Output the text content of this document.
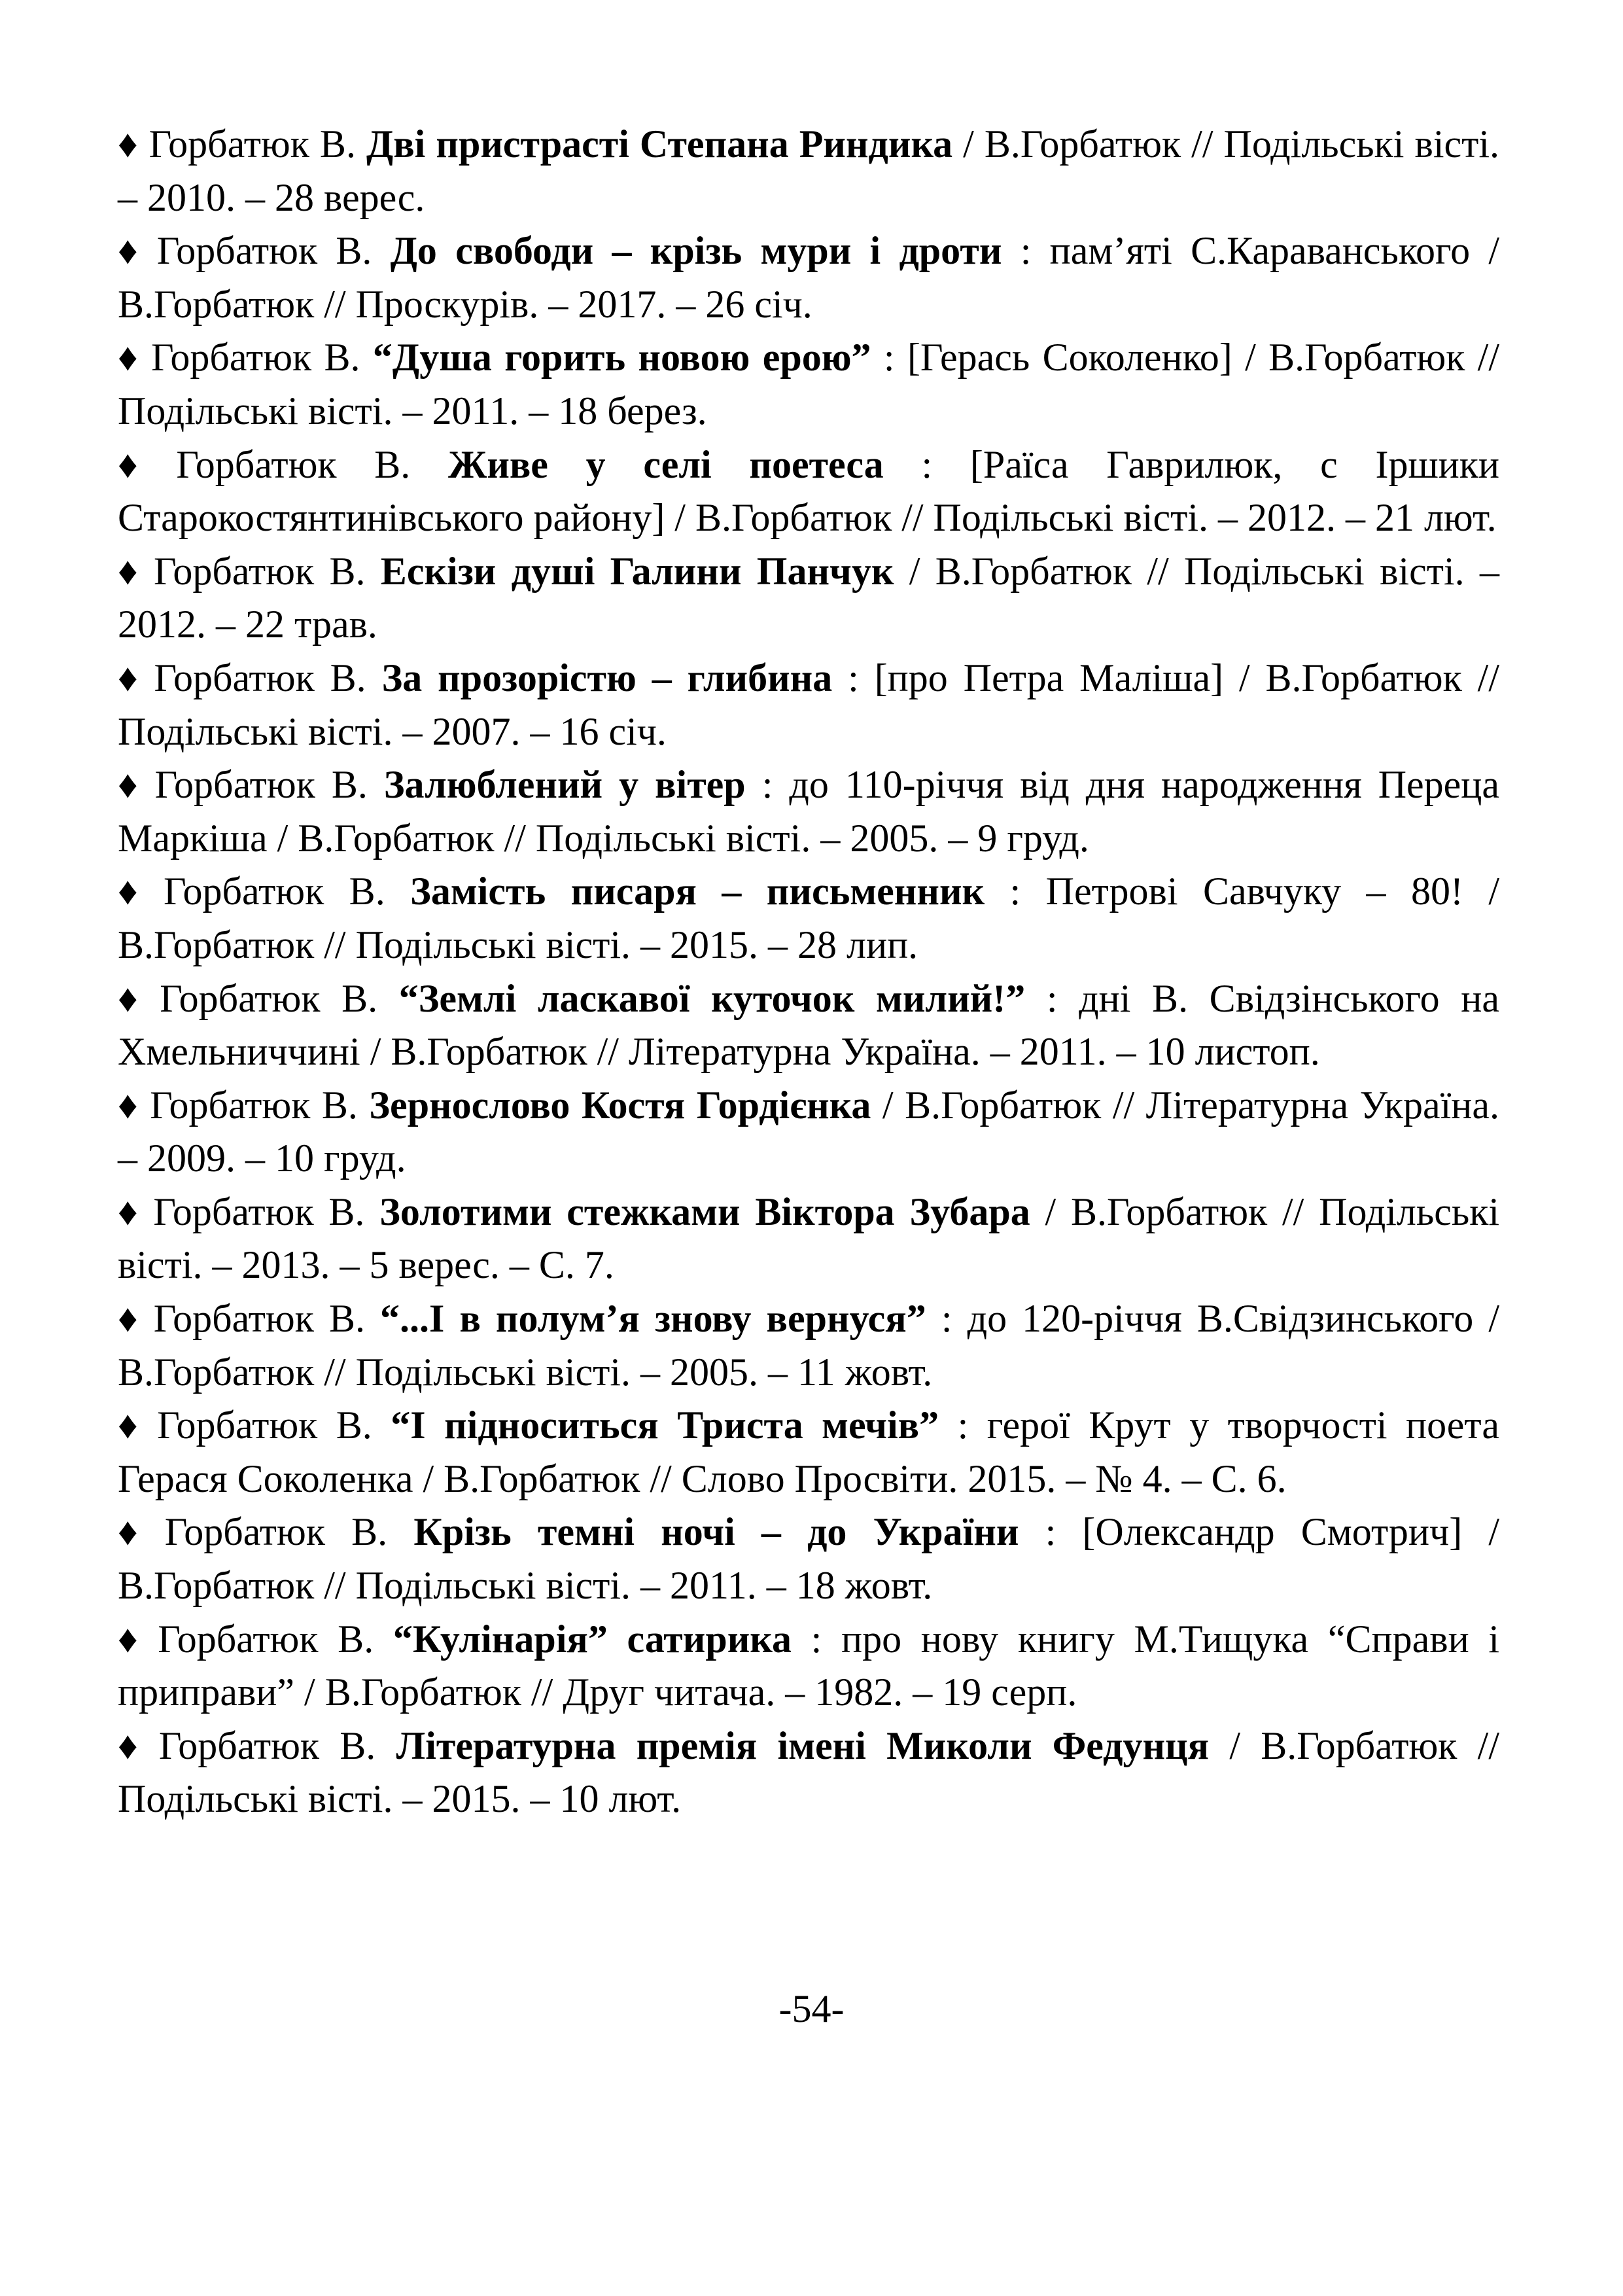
♦ Горбатюк В. Дві пристрасті Степана Риндика / В.Горбатюк // Подільські вісті. – 2010. – 28 верес.
♦ Горбатюк В. До свободи – крізь мури і дроти : пам’яті С.Караванського / В.Горбатюк // Проскурів. – 2017. – 26 січ.
♦ Горбатюк В. “Душа горить новою ерою” : [Герась Соколенко] / В.Горбатюк // Подільські вісті. – 2011. – 18 берез.
♦ Горбатюк В. Живе у селі поетеса : [Раїса Гаврилюк, с Іршики Старокостянтинівського району] / В.Горбатюк // Подільські вісті. – 2012. – 21 лют.
♦ Горбатюк В. Ескізи душі Галини Панчук / В.Горбатюк // Подільські вісті. – 2012. – 22 трав.
♦ Горбатюк В. За прозорістю – глибина : [про Петра Маліша] / В.Горбатюк // Подільські вісті. – 2007. – 16 січ.
♦ Горбатюк В. Залюблений у вітер : до 110-річчя від дня народження Переца Маркіша / В.Горбатюк // Подільські вісті. – 2005. – 9 груд.
♦ Горбатюк В. Замість писаря – письменник : Петрові Савчуку – 80! / В.Горбатюк // Подільські вісті. – 2015. – 28 лип.
♦ Горбатюк В. “Землі ласкавої куточок милий!” : дні В. Свідзінського на Хмельниччині / В.Горбатюк // Літературна Україна. – 2011. – 10 листоп.
♦ Горбатюк В. Зернослово Костя Гордієнка / В.Горбатюк // Літературна Україна. – 2009. – 10 груд.
♦ Горбатюк В. Золотими стежками Віктора Зубара / В.Горбатюк // Подільські вісті. – 2013. – 5 верес. – С. 7.
♦ Горбатюк В. “...І в полум’я знову вернуся” : до 120-річчя В.Свідзинського / В.Горбатюк // Подільські вісті. – 2005. – 11 жовт.
♦ Горбатюк В. “І підноситься Триста мечів” : герої Крут у творчості поета Герася Соколенка / В.Горбатюк // Слово Просвіти. 2015. – № 4. – С. 6.
♦ Горбатюк В. Крізь темні ночі – до України : [Олександр Смотрич] / В.Горбатюк // Подільські вісті. – 2011. – 18 жовт.
♦ Горбатюк В. “Кулінарія” сатирика : про нову книгу М.Тищука “Справи і приправи” / В.Горбатюк // Друг читача. – 1982. – 19 серп.
♦ Горбатюк В. Літературна премія імені Миколи Федунця / В.Горбатюк // Подільські вісті. – 2015. – 10 лют.
-54-
